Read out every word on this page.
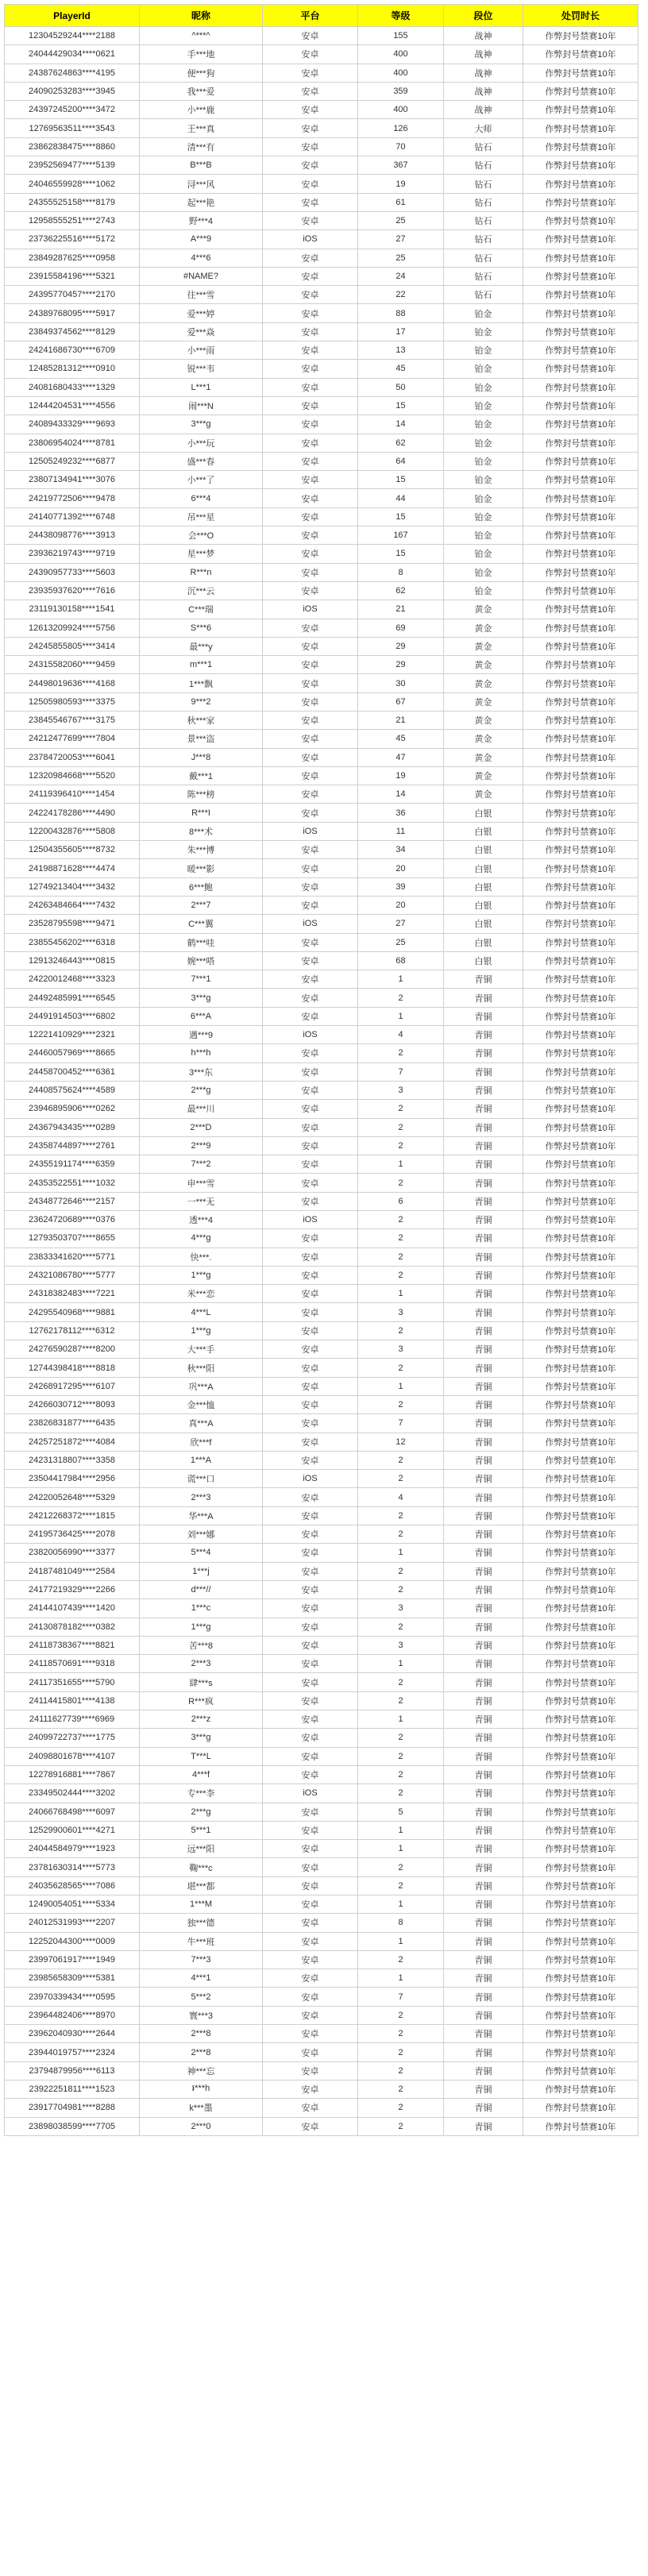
PlayerId	昵称	平台	等级	段位	处罚时长
12304529244****2188	^***^	安卓	155	战神	作弊封号禁赛10年
24044429034****0621	手***地	安卓	400	战神	作弊封号禁赛10年
24387624863****4195	便***狗	安卓	400	战神	作弊封号禁赛10年
24090253283****3945	我***爱	安卓	359	战神	作弊封号禁赛10年
24397245200****3472	小***鹿	安卓	400	战神	作弊封号禁赛10年
12769563511****3543	王***真	安卓	126	大师	作弊封号禁赛10年
23862838475****8860	清***有	安卓	70	钻石	作弊封号禁赛10年
23952569477****5139	B***B	安卓	367	钻石	作弊封号禁赛10年
24046559928****1062	浔***风	安卓	19	钻石	作弊封号禁赛10年
24355525158****8179	起***艳	安卓	61	钻石	作弊封号禁赛10年
12958555251****2743	野***4	安卓	25	钻石	作弊封号禁赛10年
23736225516****5172	A***9	iOS	27	钻石	作弊封号禁赛10年
23849287625****0958	4***6	安卓	25	钻石	作弊封号禁赛10年
23915584196****5321	#NAME?	安卓	24	钻石	作弊封号禁赛10年
24395770457****2170	往***雪	安卓	22	钻石	作弊封号禁赛10年
24389768095****5917	爱***婷	安卓	88	铂金	作弊封号禁赛10年
23849374562****8129	爱***焱	安卓	17	铂金	作弊封号禁赛10年
24241686730****6709	小***雨	安卓	13	铂金	作弊封号禁赛10年
12485281312****0910	锐***韦	安卓	45	铂金	作弊封号禁赛10年
24081680433****1329	L***1	安卓	50	铂金	作弊封号禁赛10年
12444204531****4556	闹***N	安卓	15	铂金	作弊封号禁赛10年
24089433329****9693	3***g	安卓	14	铂金	作弊封号禁赛10年
23806954024****8781	小***玩	安卓	62	铂金	作弊封号禁赛10年
12505249232****6877	盛***春	安卓	64	铂金	作弊封号禁赛10年
23807134941****3076	小***了	安卓	15	铂金	作弊封号禁赛10年
24219772506****9478	6***4	安卓	44	铂金	作弊封号禁赛10年
24140771392****6748	吊***星	安卓	15	铂金	作弊封号禁赛10年
24438098776****3913	会***O	安卓	167	铂金	作弊封号禁赛10年
23936219743****9719	星***梦	安卓	15	铂金	作弊封号禁赛10年
24390957733****5603	R***n	安卓	8	铂金	作弊封号禁赛10年
23935937620****7616	沉***云	安卓	62	铂金	作弊封号禁赛10年
23119130158****1541	C***瑞	iOS	21	黄金	作弊封号禁赛10年
12613209924****5756	S***6	安卓	69	黄金	作弊封号禁赛10年
24245855805****3414	最***y	安卓	29	黄金	作弊封号禁赛10年
24315582060****9459	m***1	安卓	29	黄金	作弊封号禁赛10年
24498019636****4168	1***飘	安卓	30	黄金	作弊封号禁赛10年
12505980593****3375	9***2	安卓	67	黄金	作弊封号禁赛10年
23845546767****3175	秋***家	安卓	21	黄金	作弊封号禁赛10年
24212477699****7804	景***盗	安卓	45	黄金	作弊封号禁赛10年
23784720053****6041	J***8	安卓	47	黄金	作弊封号禁赛10年
12320984668****5520	戴***1	安卓	19	黄金	作弊封号禁赛10年
24119396410****1454	陈***榜	安卓	14	黄金	作弊封号禁赛10年
24224178286****4490	R***I	安卓	36	白银	作弊封号禁赛10年
12200432876****5808	8***术	iOS	11	白银	作弊封号禁赛10年
12504355605****8732	朱***博	安卓	34	白银	作弊封号禁赛10年
24198871628****4474	暖***影	安卓	20	白银	作弊封号禁赛10年
12749213404****3432	6***鲍	安卓	39	白银	作弊封号禁赛10年
24263484664****7432	2***7	安卓	20	白银	作弊封号禁赛10年
23528795598****9471	C***翼	iOS	27	白银	作弊封号禁赛10年
23855456202****6318	鹤***哇	安卓	25	白银	作弊封号禁赛10年
12913246443****0815	婉***嗒	安卓	68	白银	作弊封号禁赛10年
24220012468****3323	7***1	安卓	1	青铜	作弊封号禁赛10年
24492485991****6545	3***g	安卓	2	青铜	作弊封号禁赛10年
24491914503****6802	6***A	安卓	1	青铜	作弊封号禁赛10年
12221410929****2321	遇***9	iOS	4	青铜	作弊封号禁赛10年
24460057969****8665	h***h	安卓	2	青铜	作弊封号禁赛10年
24458700452****6361	3***东	安卓	7	青铜	作弊封号禁赛10年
24408575624****4589	2***g	安卓	3	青铜	作弊封号禁赛10年
23946895906****0262	最***川	安卓	2	青铜	作弊封号禁赛10年
24367943435****0289	2***D	安卓	2	青铜	作弊封号禁赛10年
24358744897****2761	2***9	安卓	2	青铜	作弊封号禁赛10年
24355191174****6359	7***2	安卓	1	青铜	作弊封号禁赛10年
24353522551****1032	申***雪	安卓	2	青铜	作弊封号禁赛10年
24348772646****2157	一***无	安卓	6	青铜	作弊封号禁赛10年
23624720689****0376	透***4	iOS	2	青铜	作弊封号禁赛10年
12793503707****8655	4***g	安卓	2	青铜	作弊封号禁赛10年
23833341620****5771	快***.	安卓	2	青铜	作弊封号禁赛10年
24321086780****5777	1***g	安卓	2	青铜	作弊封号禁赛10年
24318382483****7221	米***恋	安卓	1	青铜	作弊封号禁赛10年
24295540968****9881	4***L	安卓	3	青铜	作弊封号禁赛10年
12762178112****6312	1***g	安卓	2	青铜	作弊封号禁赛10年
24276590287****8200	大***手	安卓	3	青铜	作弊封号禁赛10年
12744398418****8818	秋***阳	安卓	2	青铜	作弊封号禁赛10年
24268917295****6107	巩***A	安卓	1	青铜	作弊封号禁赛10年
24266030712****8093	金***恤	安卓	2	青铜	作弊封号禁赛10年
23826831877****6435	真***A	安卓	7	青铜	作弊封号禁赛10年
24257251872****4084	欣***f	安卓	12	青铜	作弊封号禁赛10年
24231318807****3358	1***A	安卓	2	青铜	作弊封号禁赛10年
23504417984****2956	谎***口	iOS	2	青铜	作弊封号禁赛10年
24220052648****5329	2***3	安卓	4	青铜	作弊封号禁赛10年
24212268372****1815	华***A	安卓	2	青铜	作弊封号禁赛10年
24195736425****2078	刘***娜	安卓	2	青铜	作弊封号禁赛10年
23820056990****3377	5***4	安卓	1	青铜	作弊封号禁赛10年
24187481049****2584	1***j	安卓	2	青铜	作弊封号禁赛10年
24177219329****2266	d***//	安卓	2	青铜	作弊封号禁赛10年
24144107439****1420	1***c	安卓	3	青铜	作弊封号禁赛10年
24130878182****0382	1***g	安卓	2	青铜	作弊封号禁赛10年
24118738367****8821	苦***8	安卓	3	青铜	作弊封号禁赛10年
24118570691****9318	2***3	安卓	1	青铜	作弊封号禁赛10年
24117351655****5790	肆***s	安卓	2	青铜	作弊封号禁赛10年
24114415801****4138	R***疯	安卓	2	青铜	作弊封号禁赛10年
24111627739****6969	2***z	安卓	1	青铜	作弊封号禁赛10年
24099722737****1775	3***g	安卓	2	青铜	作弊封号禁赛10年
24098801678****4107	T***L	安卓	2	青铜	作弊封号禁赛10年
12278916881****7867	4***f	安卓	2	青铜	作弊封号禁赛10年
23349502444****3202	专***李	iOS	2	青铜	作弊封号禁赛10年
24066768498****6097	2***g	安卓	5	青铜	作弊封号禁赛10年
12529900601****4271	5***1	安卓	1	青铜	作弊封号禁赛10年
24044584979****1923	远***阳	安卓	1	青铜	作弊封号禁赛10年
23781630314****5773	鞠***c	安卓	2	青铜	作弊封号禁赛10年
24035628565****7086	堪***都	安卓	2	青铜	作弊封号禁赛10年
12490054051****5334	1***M	安卓	1	青铜	作弊封号禁赛10年
24012531993****2207	独***德	安卓	8	青铜	作弊封号禁赛10年
12252044300****0009	牛***班	安卓	1	青铜	作弊封号禁赛10年
23997061917****1949	7***3	安卓	2	青铜	作弊封号禁赛10年
23985658309****5381	4***1	安卓	1	青铜	作弊封号禁赛10年
23970339434****0595	5***2	安卓	7	青铜	作弊封号禁赛10年
23964482406****8970	寰***3	安卓	2	青铜	作弊封号禁赛10年
23962040930****2644	2***8	安卓	2	青铜	作弊封号禁赛10年
23944019757****2324	2***8	安卓	2	青铜	作弊封号禁赛10年
23794879956****6113	神***忘	安卓	2	青铜	作弊封号禁赛10年
23922251811****1523	៛***h	安卓	2	青铜	作弊封号禁赛10年
23917704981****8288	k***墨	安卓	2	青铜	作弊封号禁赛10年
23898038599****7705	2***0	安卓	2	青铜	作弊封号禁赛10年
